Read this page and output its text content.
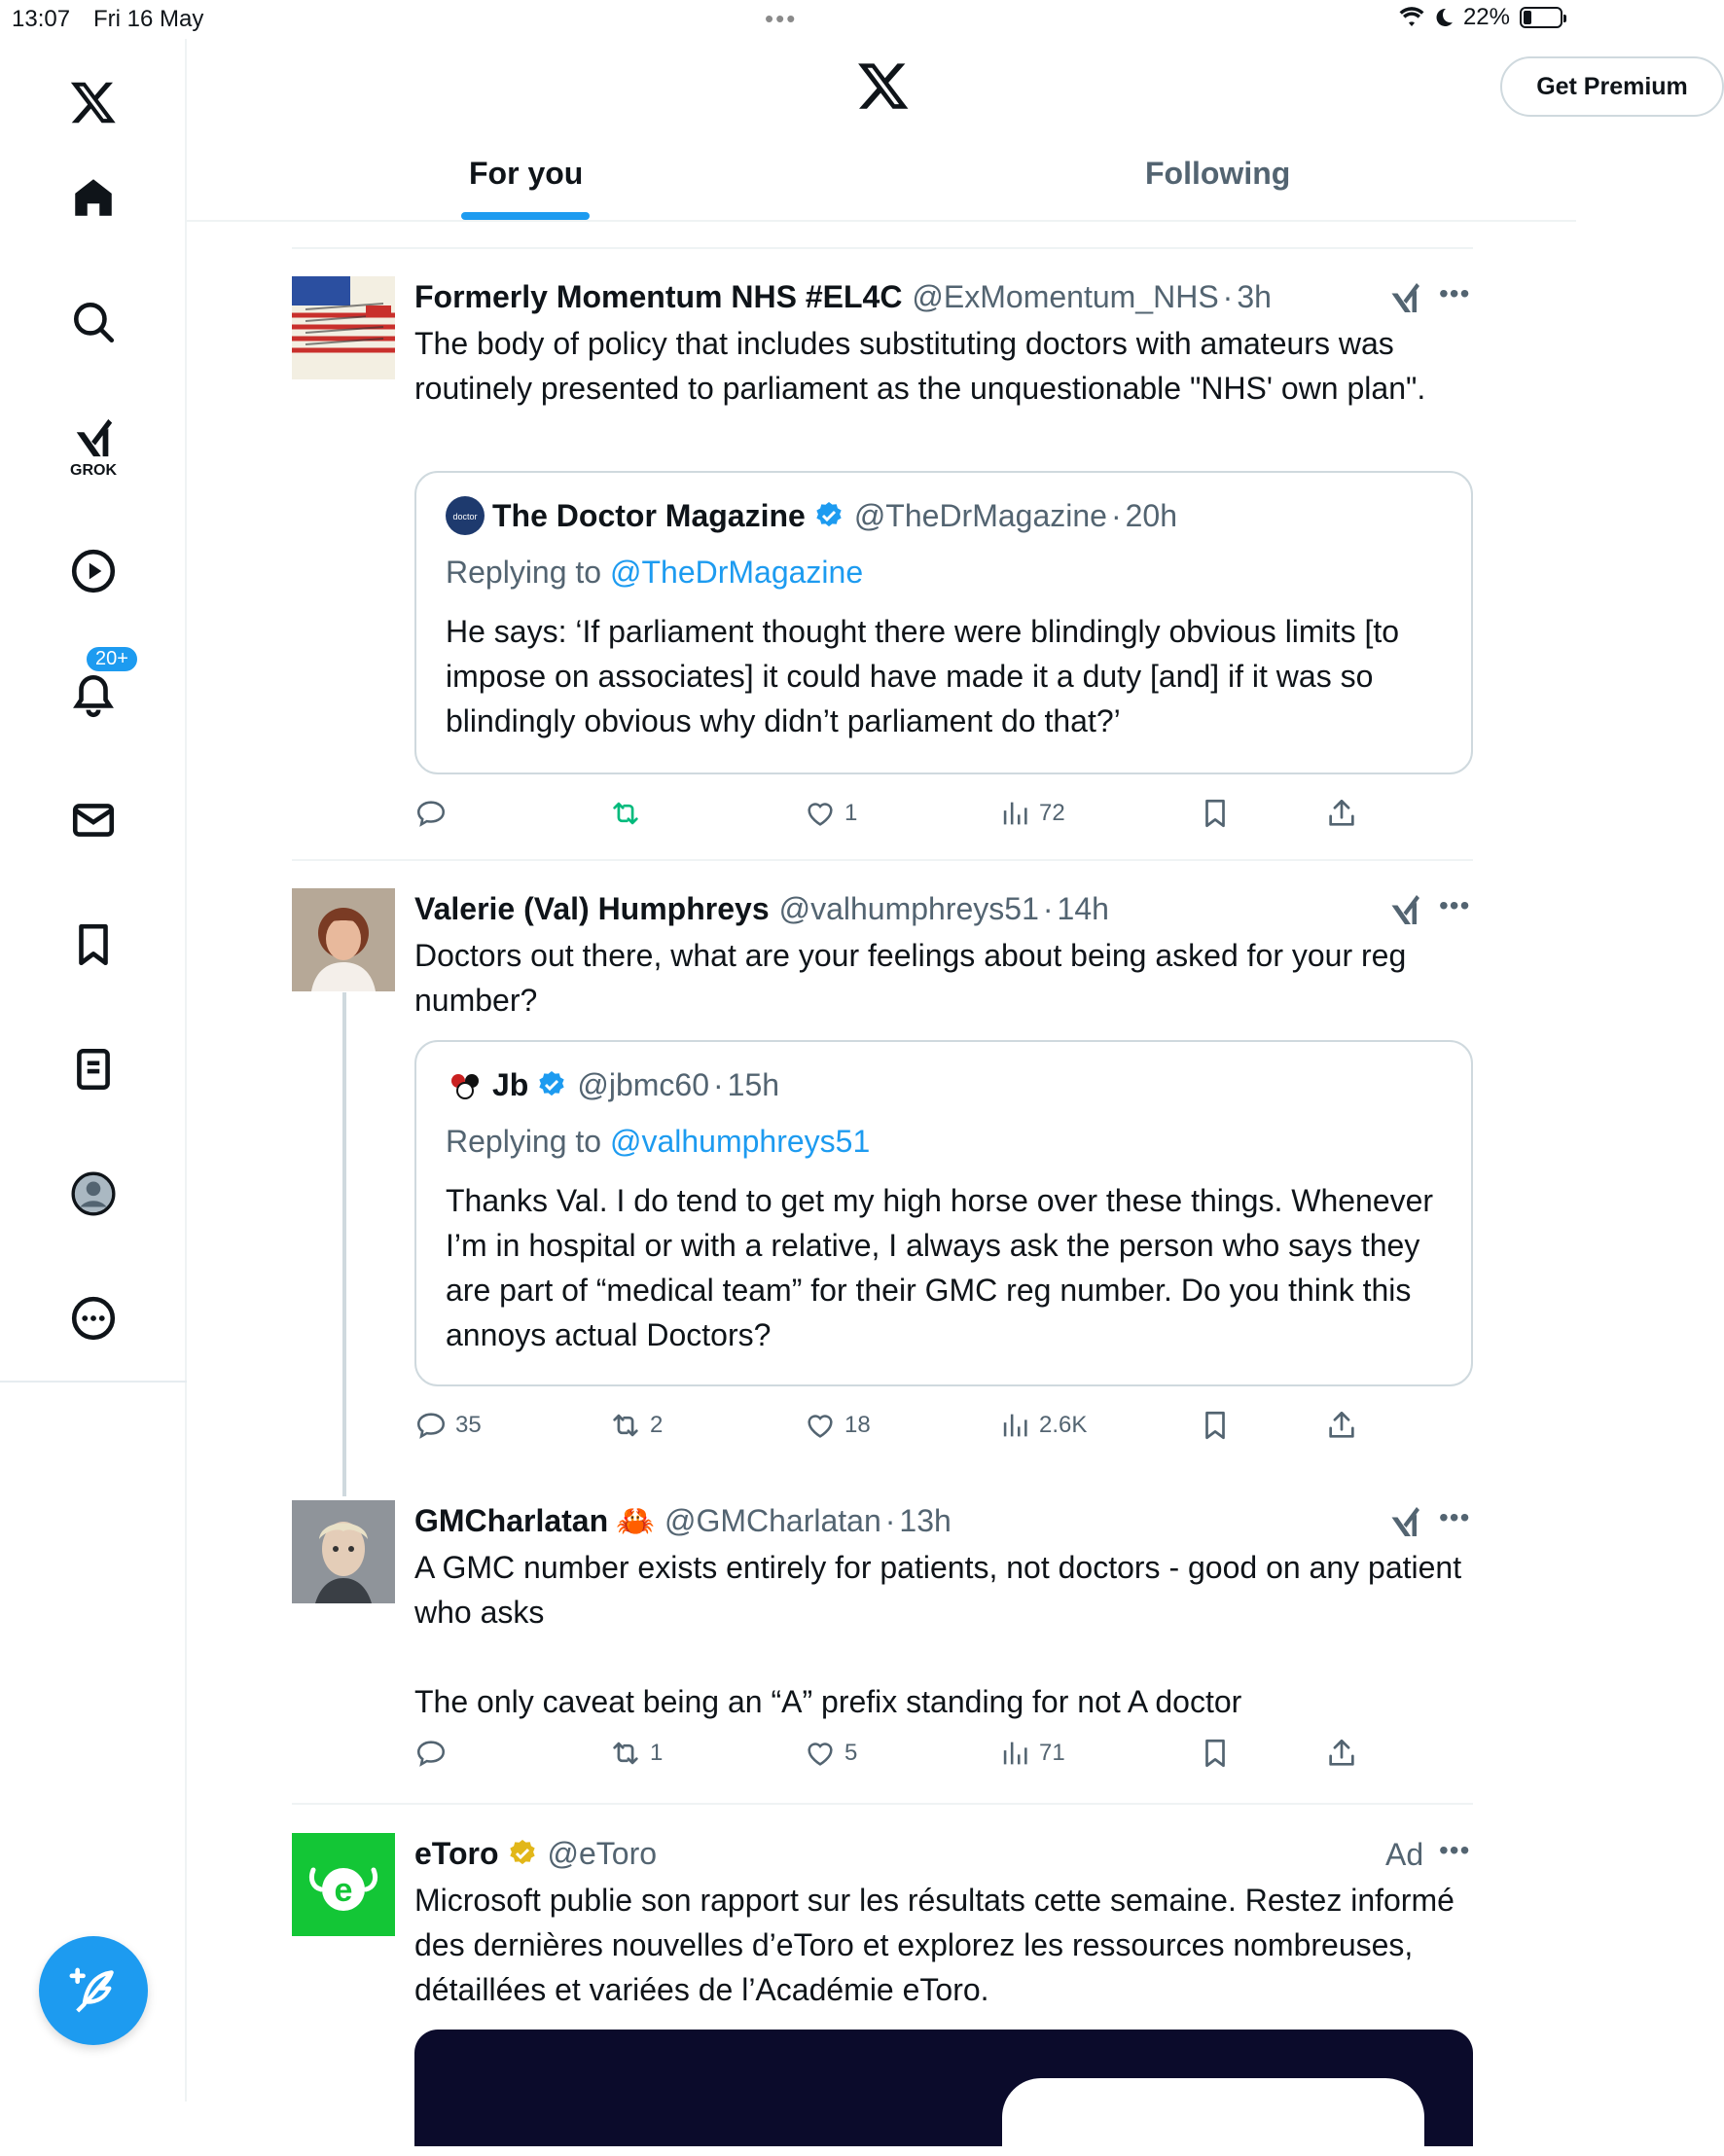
13:07 Fri 16 May	•••	22%
GROK
20+
Get Premium
For you	Following
Formerly Momentum NHS #EL4C @ExMomentum_NHS · 3h	•••
The body of policy that includes substituting doctors with amateurs was routinely presented to parliament as the unquestionable "NHS' own plan".
doctor The Doctor Magazine @TheDrMagazine · 20h
Replying to @TheDrMagazine
He says: ‘If parliament thought there were blindingly obvious limits [to impose on associates] it could have made it a duty [and] if it was so blindingly obvious why didn’t parliament do that?’
1	72
Valerie (Val) Humphreys @valhumphreys51 · 14h	•••
Doctors out there, what are your feelings about being asked for your reg number?
Jb @jbmc60 · 15h
Replying to @valhumphreys51
Thanks Val. I do tend to get my high horse over these things. Whenever I’m in hospital or with a relative, I always ask the person who says they are part of “medical team” for their GMC reg number. Do you think this annoys actual Doctors?
35	2	18	2.6K
GMCharlatan 🦀 @GMCharlatan · 13h	•••
A GMC number exists entirely for patients, not doctors - good on any patient who asks

The only caveat being an “A” prefix standing for not A doctor
1	5	71
e
eToro @eToro	Ad •••
Microsoft publie son rapport sur les résultats cette semaine. Restez informé des dernières nouvelles d’eToro et explorez les ressources nombreuses, détaillées et variées de l’Académie eToro.
